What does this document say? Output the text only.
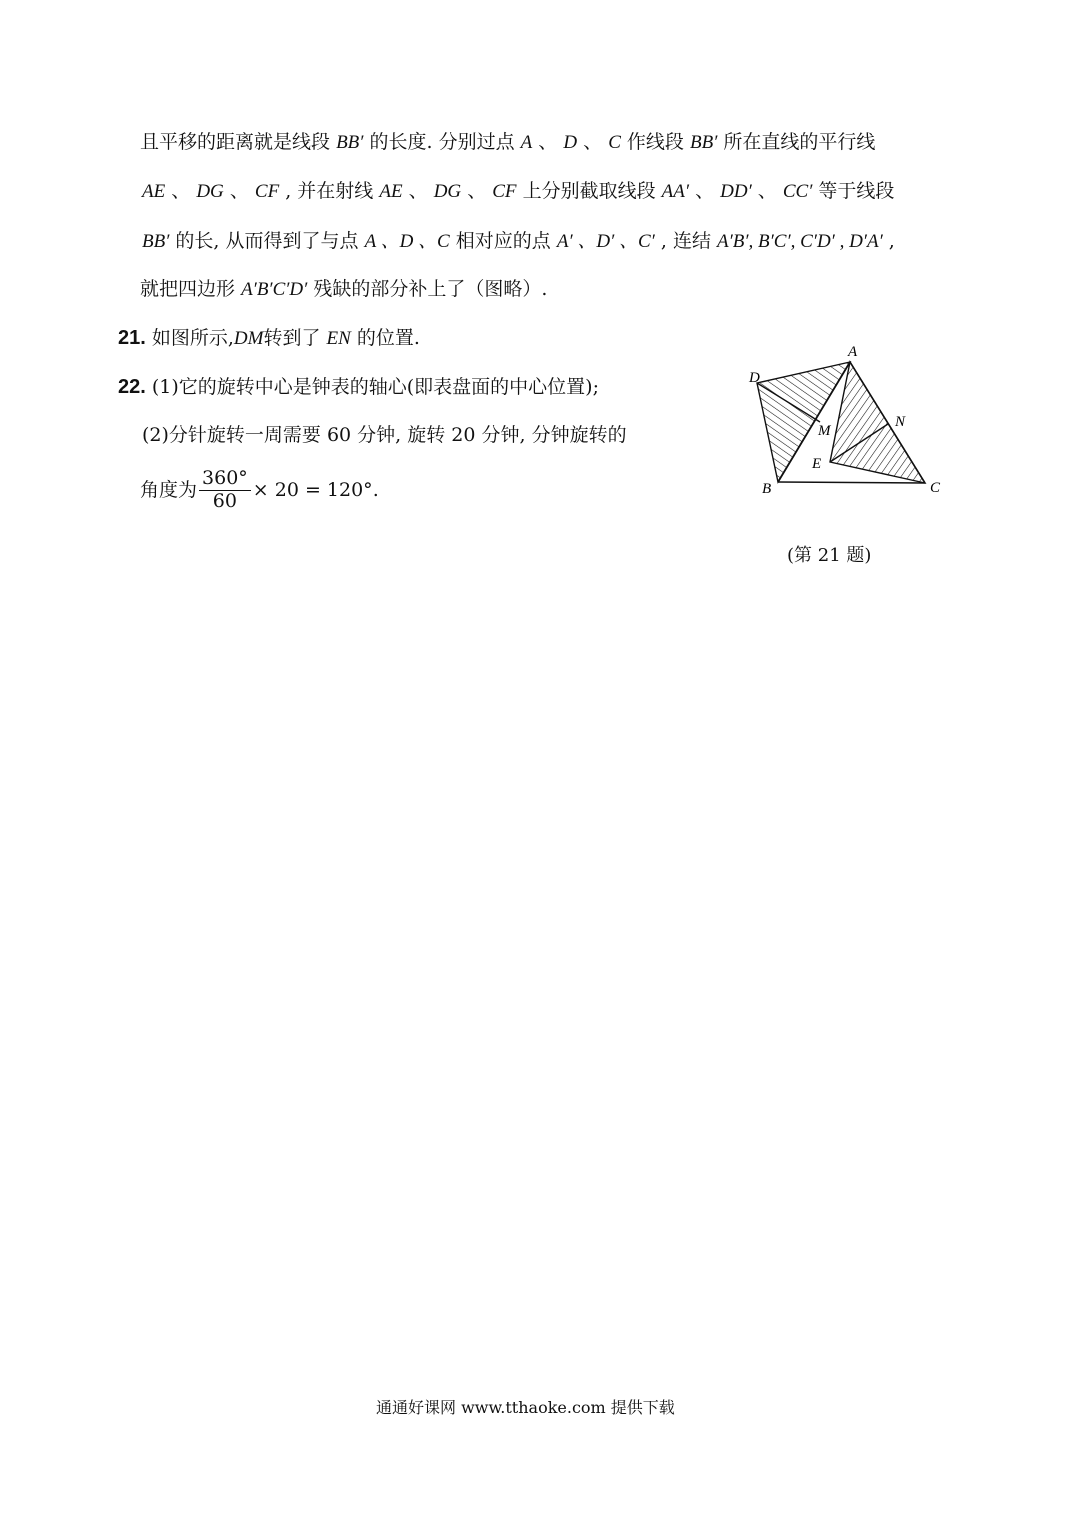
且平移的距离就是线段 BB′ 的长度. 分别过点 A 、 D 、 C 作线段 BB′ 所在直线的平行线
AE 、 DG 、 CF , 并在射线 AE 、 DG 、 CF 上分别截取线段 AA′ 、 DD′ 、 CC′ 等于线段
BB′ 的长, 从而得到了与点 A 、D 、C 相对应的点 A′ 、D′ 、C′ , 连结 A′B′, B′C′, C′D′ , D′A′ ,
就把四边形 A′B′C′D′ 残缺的部分补上了（图略）.
21. 如图所示,DM转到了 EN 的位置.
22. (1)它的旋转中心是钟表的轴心(即表盘面的中心位置);
(2)分针旋转一周需要 60 分钟, 旋转 20 分钟, 分钟旋转的
角度为 $\frac{360^\circ}{60} \times 20 = 120^\circ$.
A
D
N
M
E
B	C
(第 21 题)
通通好课网 www.tthaoke.com 提供下载
